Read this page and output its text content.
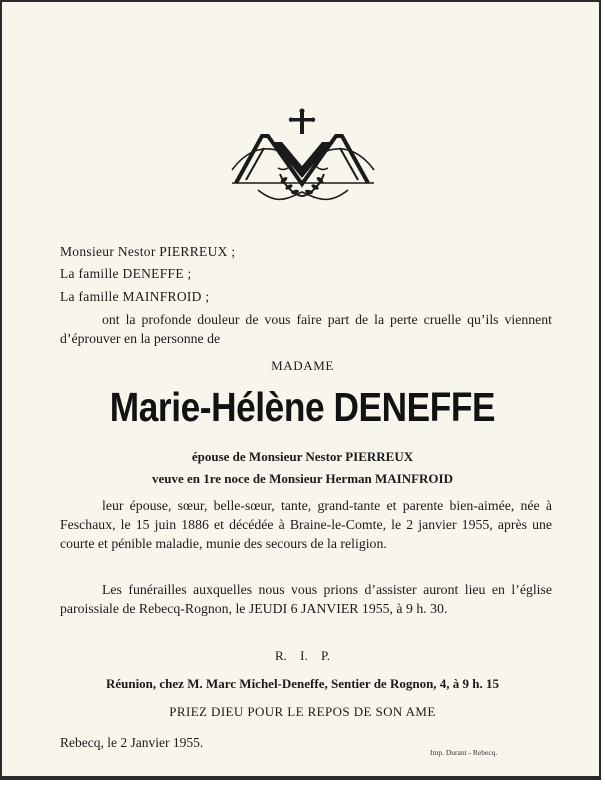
Monsieur Nestor PIERREUX ;
La famille DENEFFE ;
La famille MAINFROID ;
ont la profonde douleur de vous faire part de la perte cruelle qu’ils viennent d’éprouver en la personne de
MADAME
Marie-Hélène DENEFFE
épouse de Monsieur Nestor PIERREUX
veuve en 1re noce de Monsieur Herman MAINFROID
leur épouse, sœur, belle-sœur, tante, grand-tante et parente bien-aimée, née à Feschaux, le 15 juin 1886 et décédée à Braine-le-Comte, le 2 janvier 1955, après une courte et pénible maladie, munie des secours de la religion.
Les funérailles auxquelles nous vous prions d’assister auront lieu en l’église paroissiale de Rebecq-Rognon, le JEUDI 6 JANVIER 1955, à 9 h. 30.
R. I. P.
Réunion, chez M. Marc Michel-Deneffe, Sentier de Rognon, 4, à 9 h. 15
PRIEZ DIEU POUR LE REPOS DE SON AME
Rebecq, le 2 Janvier 1955.
Imp. Durant - Rebecq.
